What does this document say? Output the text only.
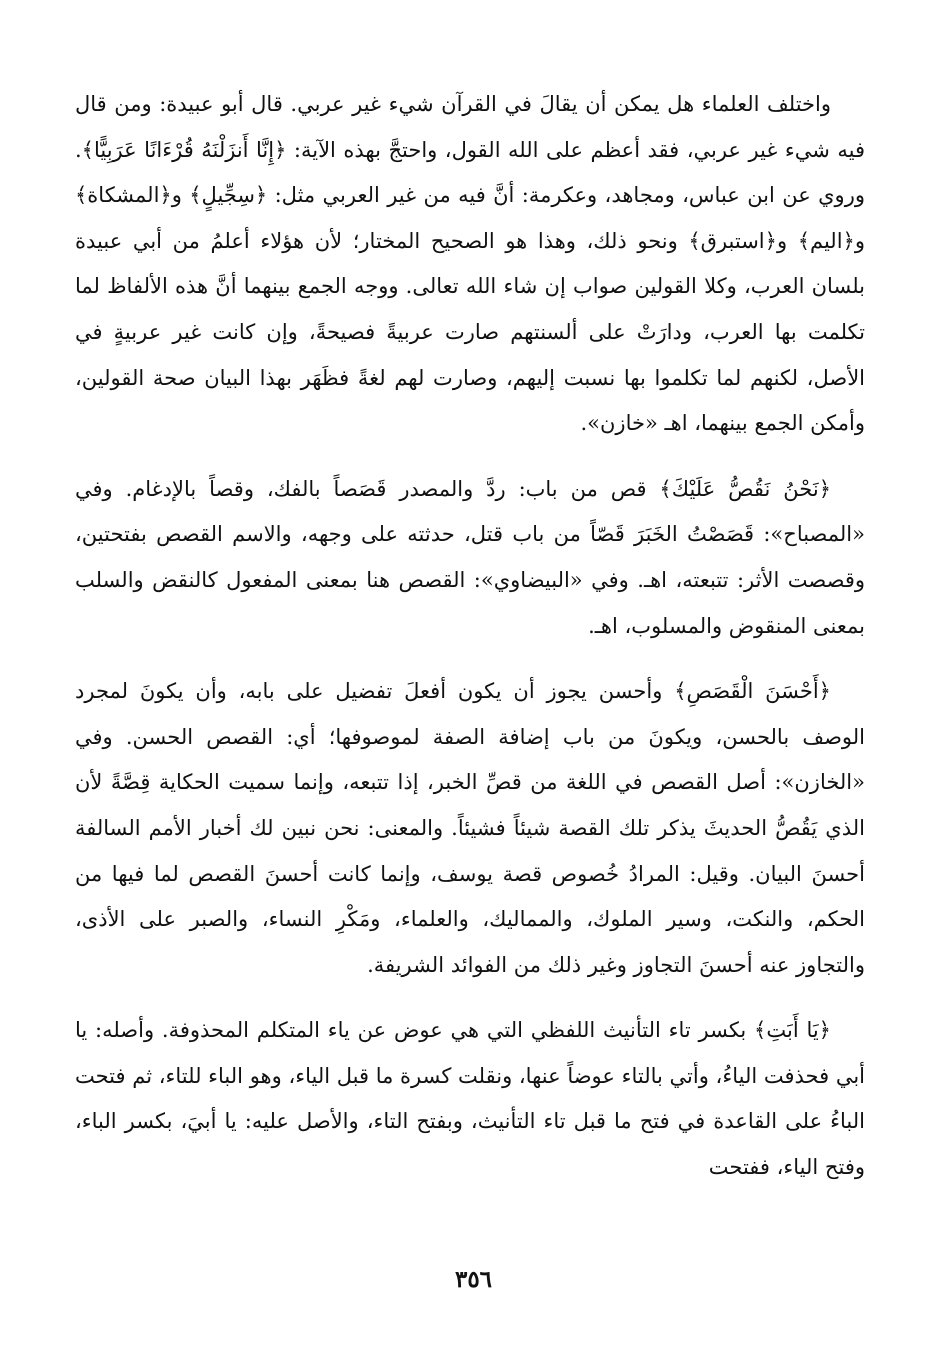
واختلف العلماء هل يمكن أن يقالَ في القرآن شيء غير عربي. قال أبو عبيدة: ومن قال فيه شيء غير عربي، فقد أعظم على الله القول، واحتجَّ بهذه الآية: ﴿إِنَّا أَنزَلْنَهُ قُرْءَانًا عَرَبِيًّا﴾. وروي عن ابن عباس، ومجاهد، وعكرمة: أنَّ فيه من غير العربي مثل: ﴿سِجِّيلٍ﴾ و﴿المشكاة﴾ و﴿اليم﴾ و﴿استبرق﴾ ونحو ذلك، وهذا هو الصحيح المختار؛ لأن هؤلاء أعلمُ من أبي عبيدة بلسان العرب، وكلا القولين صواب إن شاء الله تعالى. ووجه الجمع بينهما أنَّ هذه الألفاظ لما تكلمت بها العرب، ودارَتْ على ألسنتهم صارت عربيةً فصيحةً، وإن كانت غير عربيةٍ في الأصل، لكنهم لما تكلموا بها نسبت إليهم، وصارت لهم لغةً فظَهَر بهذا البيان صحة القولين، وأمكن الجمع بينهما، اهـ «خازن».

﴿نَحْنُ نَقُصُّ عَلَيْكَ﴾ قص من باب: ردَّ والمصدر قَصَصاً بالفك، وقصاً بالإدغام. وفي «المصباح»: قَصَصْتُ الخَبَرَ قَصّاً من باب قتل، حدثته على وجهه، والاسم القصص بفتحتين، وقصصت الأثر: تتبعته، اهـ. وفي «البيضاوي»: القصص هنا بمعنى المفعول كالنقض والسلب بمعنى المنقوض والمسلوب، اهـ.

﴿أَحْسَنَ الْقَصَصِ﴾ وأحسن يجوز أن يكون أفعلَ تفضيل على بابه، وأن يكونَ لمجرد الوصف بالحسن، ويكونَ من باب إضافة الصفة لموصوفها؛ أي: القصص الحسن. وفي «الخازن»: أصل القصص في اللغة من قصِّ الخبر، إذا تتبعه، وإنما سميت الحكاية قِصَّةً لأن الذي يَقُصُّ الحديثَ يذكر تلك القصة شيئاً فشيئاً. والمعنى: نحن نبين لك أخبار الأمم السالفة أحسنَ البيان. وقيل: المرادُ خُصوص قصة يوسف، وإنما كانت أحسنَ القصص لما فيها من الحكم، والنكت، وسير الملوك، والمماليك، والعلماء، ومَكْرِ النساء، والصبر على الأذى، والتجاوز عنه أحسنَ التجاوز وغير ذلك من الفوائد الشريفة.

﴿يَا أَبَتِ﴾ بكسر تاء التأنيث اللفظي التي هي عوض عن ياء المتكلم المحذوفة. وأصله: يا أبي فحذفت الياءُ، وأتي بالتاء عوضاً عنها، ونقلت كسرة ما قبل الياء، وهو الباء للتاء، ثم فتحت الباءُ على القاعدة في فتح ما قبل تاء التأنيث، وبفتح التاء، والأصل عليه: يا أبيَ، بكسر الباء، وفتح الياء، ففتحت

٣٥٦
